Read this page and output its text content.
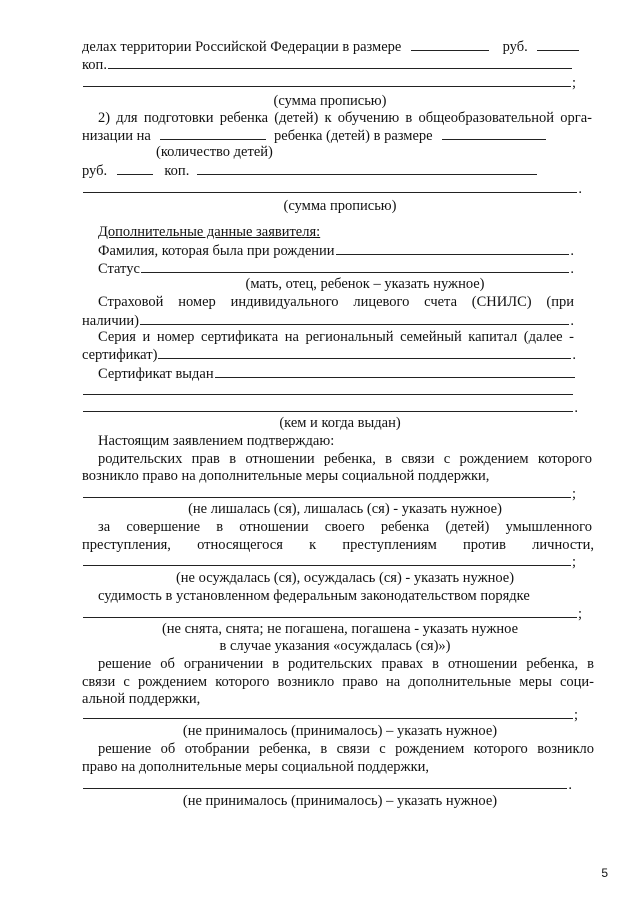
делах территории Российской Федерации в размере	руб.
коп.
;
(сумма прописью)
2) для подготовки ребенка (детей) к обучению в общеобразовательной орга-
низации на	ребенка (детей) в размере
(количество детей)
руб.	коп.
.
(сумма прописью)
Дополнительные данные заявителя:
Фамилия, которая была при рождении	.
Статус	.
(мать, отец, ребенок – указать нужное)
Страховой номер индивидуального лицевого счета (СНИЛС) (при
наличии)	.
Серия и номер сертификата на региональный семейный капитал (далее -
сертификат)	.
Сертификат выдан
.
(кем и когда выдан)
Настоящим заявлением подтверждаю:
родительских прав в отношении ребенка, в связи с рождением которого
возникло право на дополнительные меры социальной поддержки,
;
(не лишалась (ся), лишалась (ся) - указать нужное)
за совершение в отношении своего ребенка (детей) умышленного
преступления, относящегося к преступлениям против личности,
;
(не осуждалась (ся), осуждалась (ся) - указать нужное)
судимость в установленном федеральным законодательством порядке
;
(не снята, снята; не погашена, погашена - указать нужное
в случае указания «осуждалась (ся)»)
решение об ограничении в родительских правах в отношении ребенка, в
связи с рождением которого возникло право на дополнительные меры соци-
альной поддержки,
;
(не принималось (принималось) – указать нужное)
решение об отобрании ребенка, в связи с рождением которого возникло
право на дополнительные меры социальной поддержки,
.
(не принималось (принималось) – указать нужное)
5
